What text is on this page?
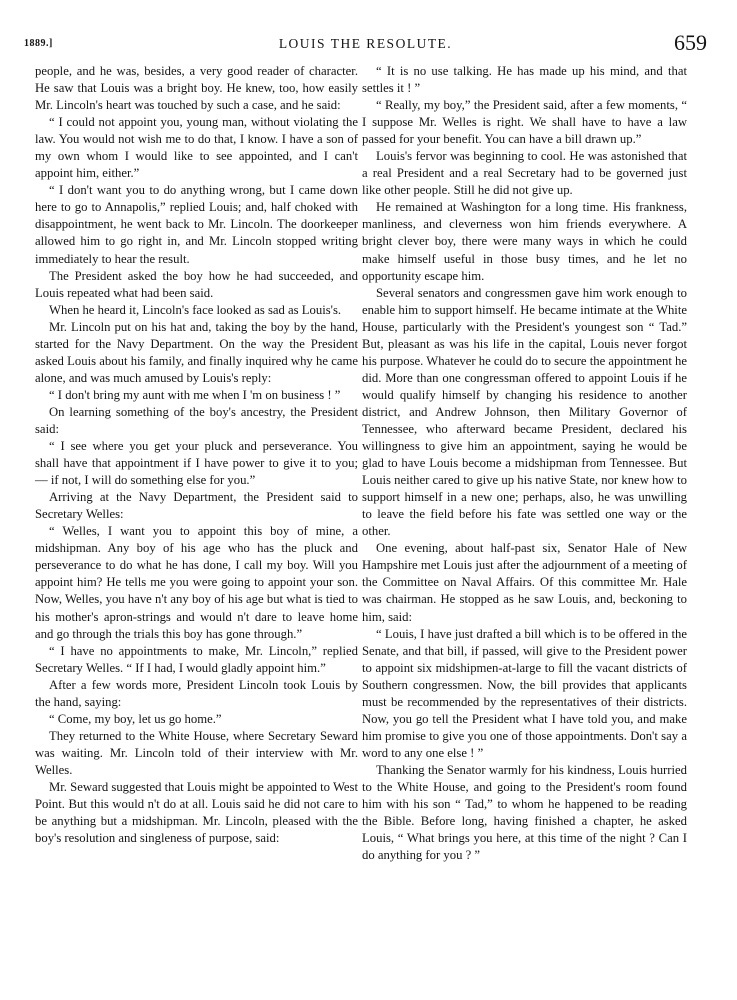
1889.]	LOUIS THE RESOLUTE.	659

people, and he was, besides, a very good reader of character. He saw that Louis was a bright boy. He knew, too, how easily Mr. Lincoln's heart was touched by such a case, and he said:

“ I could not appoint you, young man, without violating the law. You would not wish me to do that, I know. I have a son of my own whom I would like to see appointed, and I can't appoint him, either.”

“ I don't want you to do anything wrong, but I came down here to go to Annapolis,” replied Louis; and, half choked with disappointment, he went back to Mr. Lincoln. The doorkeeper allowed him to go right in, and Mr. Lincoln stopped writing immediately to hear the result.

The President asked the boy how he had succeeded, and Louis repeated what had been said.

When he heard it, Lincoln's face looked as sad as Louis's.

Mr. Lincoln put on his hat and, taking the boy by the hand, started for the Navy Department. On the way the President asked Louis about his family, and finally inquired why he came alone, and was much amused by Louis's reply:

“ I don't bring my aunt with me when I 'm on business ! ”

On learning something of the boy's ancestry, the President said:

“ I see where you get your pluck and perseverance. You shall have that appointment if I have power to give it to you; — if not, I will do something else for you.”

Arriving at the Navy Department, the President said to Secretary Welles:

“ Welles, I want you to appoint this boy of mine, a midshipman. Any boy of his age who has the pluck and perseverance to do what he has done, I call my boy. Will you appoint him? He tells me you were going to appoint your son. Now, Welles, you have n't any boy of his age but what is tied to his mother's apron-strings and would n't dare to leave home and go through the trials this boy has gone through.”

“ I have no appointments to make, Mr. Lincoln,” replied Secretary Welles. “ If I had, I would gladly appoint him.”

After a few words more, President Lincoln took Louis by the hand, saying:

“ Come, my boy, let us go home.”

They returned to the White House, where Secretary Seward was waiting. Mr. Lincoln told of their interview with Mr. Welles.

Mr. Seward suggested that Louis might be appointed to West Point. But this would n't do at all. Louis said he did not care to be anything but a midshipman. Mr. Lincoln, pleased with the boy's resolution and singleness of purpose, said:

“ It is no use talking. He has made up his mind, and that settles it ! ”

“ Really, my boy,” the President said, after a few moments, “ I suppose Mr. Welles is right. We shall have to have a law passed for your benefit. You can have a bill drawn up.”

Louis's fervor was beginning to cool. He was astonished that a real President and a real Secretary had to be governed just like other people. Still he did not give up.

He remained at Washington for a long time. His frankness, manliness, and cleverness won him friends everywhere. A bright clever boy, there were many ways in which he could make himself useful in those busy times, and he let no opportunity escape him.

Several senators and congressmen gave him work enough to enable him to support himself. He became intimate at the White House, particularly with the President's youngest son “ Tad.” But, pleasant as was his life in the capital, Louis never forgot his purpose. Whatever he could do to secure the appointment he did. More than one congressman offered to appoint Louis if he would qualify himself by changing his residence to another district, and Andrew Johnson, then Military Governor of Tennessee, who afterward became President, declared his willingness to give him an appointment, saying he would be glad to have Louis become a midshipman from Tennessee. But Louis neither cared to give up his native State, nor knew how to support himself in a new one; perhaps, also, he was unwilling to leave the field before his fate was settled one way or the other.

One evening, about half-past six, Senator Hale of New Hampshire met Louis just after the adjournment of a meeting of the Committee on Naval Affairs. Of this committee Mr. Hale was chairman. He stopped as he saw Louis, and, beckoning to him, said:

“ Louis, I have just drafted a bill which is to be offered in the Senate, and that bill, if passed, will give to the President power to appoint six midshipmen-at-large to fill the vacant districts of Southern congressmen. Now, the bill provides that applicants must be recommended by the representatives of their districts. Now, you go tell the President what I have told you, and make him promise to give you one of those appointments. Don't say a word to any one else ! ”

Thanking the Senator warmly for his kindness, Louis hurried to the White House, and going to the President's room found him with his son “ Tad,” to whom he happened to be reading the Bible. Before long, having finished a chapter, he asked Louis, “ What brings you here, at this time of the night ? Can I do anything for you ? ”
